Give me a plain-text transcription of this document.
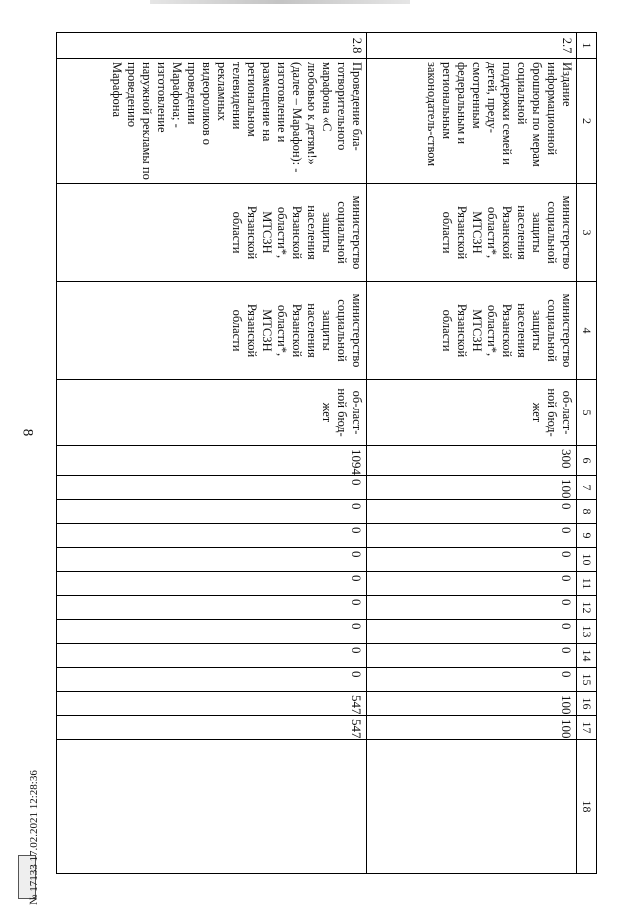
8
1	2	3	4	5	6	7	8	9	10	11	12	13	14	15	16	17	18
2.7	Издание информационной брошюры по мерам социальной поддержки семей и детей, преду-смотренным федеральным и региональным законодатель-ством	министерство социальной защиты населения Рязанской области*, МТСЗН Рязанской области	министерство социальной защиты населения Рязанской области*, МТСЗН Рязанской области	об-ласт-ной бюд-жет	300	100	0	0	0	0	0	0	0	0	100	100	
2.8	Проведение бла-готворительного марафона «С любовью к детям!» (далее – Марафон): - изготовление и размещение на региональном телевидении рекламных видеороликов о проведении Марафона; - изготовление наружной рекламы по проведению Марафона	министерство социальной защиты населения Рязанской области*, МТСЗН Рязанской области	министерство социальной защиты населения Рязанской области*, МТСЗН Рязанской области	об-ласт-ной бюд-жет	1094	0	0	0	0	0	0	0	0	0	547	547	
№ 17133 17.02.2021 12:28:36
